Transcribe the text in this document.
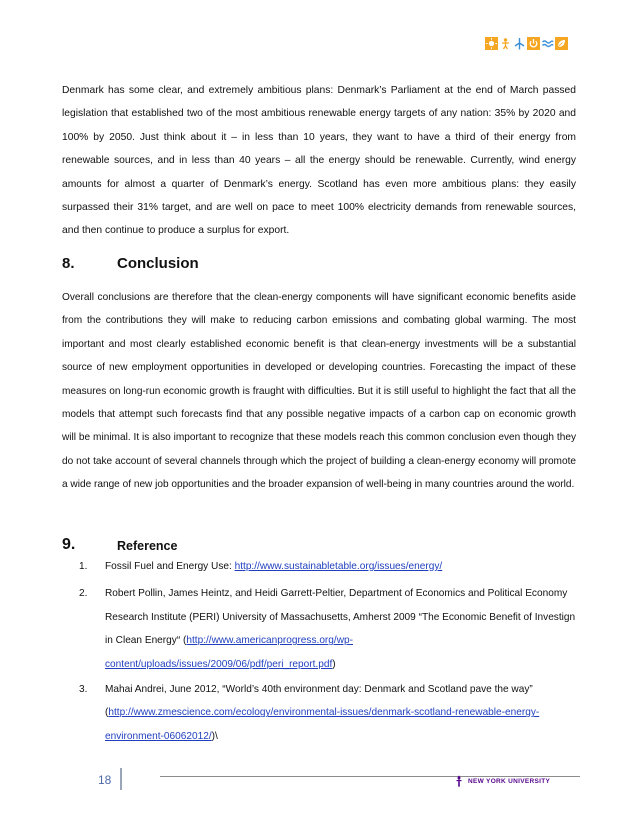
Denmark has some clear, and extremely ambitious plans: Denmark’s Parliament at the end of March passed legislation that established two of the most ambitious renewable energy targets of any nation: 35% by 2020 and 100% by 2050. Just think about it – in less than 10 years, they want to have a third of their energy from renewable sources, and in less than 40 years – all the energy should be renewable. Currently, wind energy amounts for almost a quarter of Denmark’s energy. Scotland has even more ambitious plans: they easily surpassed their 31% target, and are well on pace to meet 100% electricity demands from renewable sources, and then continue to produce a surplus for export.
8.	Conclusion
Overall conclusions are therefore that the clean-energy components will have significant economic benefits aside from the contributions they will make to reducing carbon emissions and combating global warming. The most important and most clearly established economic benefit is that clean-energy investments will be a substantial source of new employment opportunities in developed or developing countries. Forecasting the impact of these measures on long-run economic growth is fraught with difficulties. But it is still useful to highlight the fact that all the models that attempt such forecasts find that any possible negative impacts of a carbon cap on economic growth will be minimal. It is also important to recognize that these models reach this common conclusion even though they do not take account of several channels through which the project of building a clean-energy economy will promote a wide range of new job opportunities and the broader expansion of well-being in many countries around the world.
9.	Reference
1.	Fossil Fuel and Energy Use: http://www.sustainabletable.org/issues/energy/
2.	Robert Pollin, James Heintz, and Heidi Garrett-Peltier, Department of Economics and Political Economy Research Institute (PERI) University of Massachusetts, Amherst 2009 “The Economic Benefit of Investign in Clean Energy“ (http://www.americanprogress.org/wp-content/uploads/issues/2009/06/pdf/peri_report.pdf)
3.	Mahai Andrei, June 2012, “World’s 40th environment day: Denmark and Scotland pave the way” (http://www.zmescience.com/ecology/environmental-issues/denmark-scotland-renewable-energy-environment-06062012/)\
18	NEW YORK UNIVERSITY
